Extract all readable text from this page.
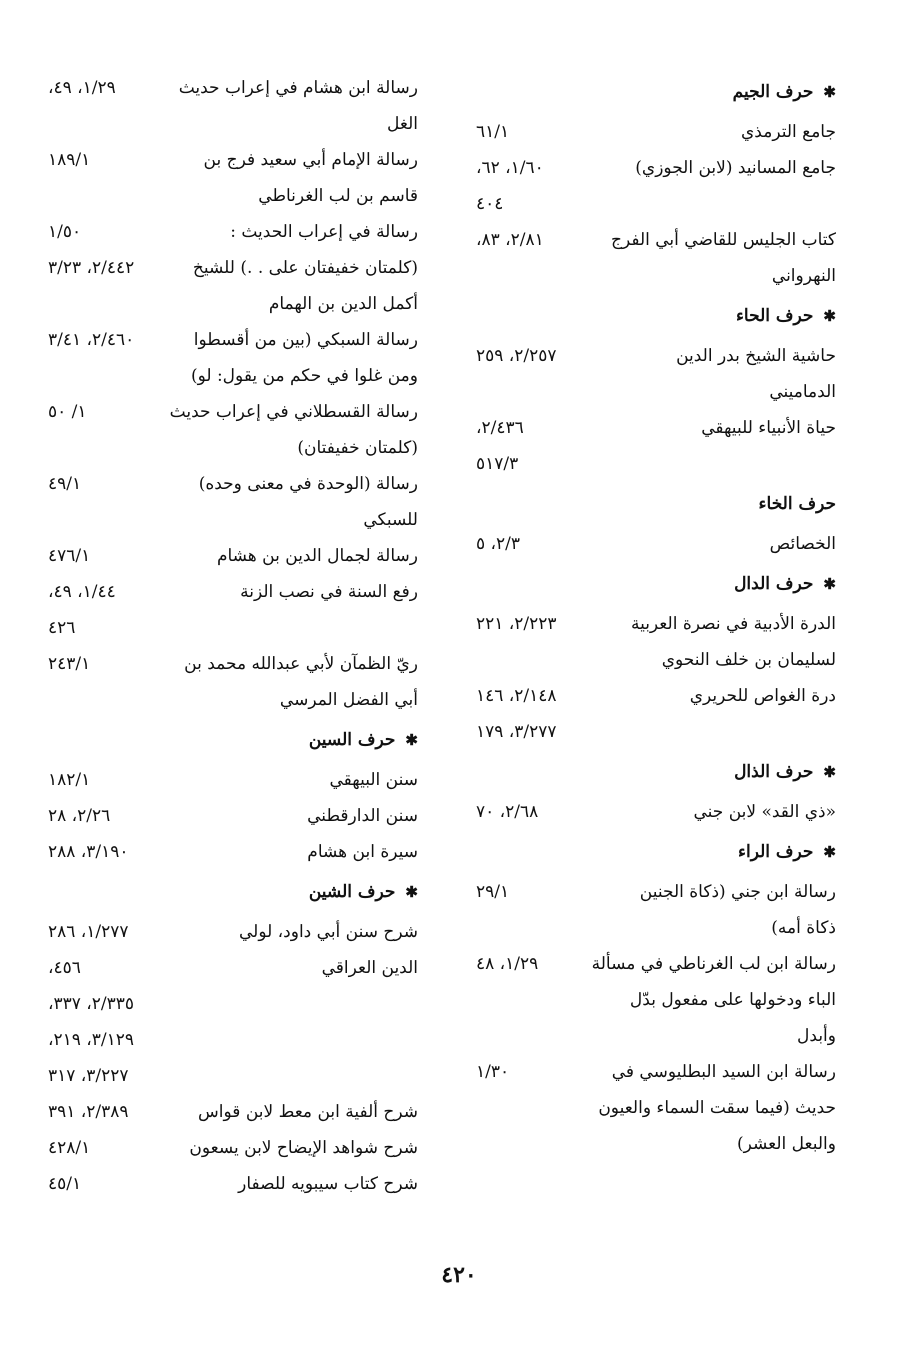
✱حرف الجيم
جامع الترمذي
٦١/١
جامع المسانيد (لابن الجوزي)
١/٦٠، ٦٢،
٤٠٤
كتاب الجليس للقاضي أبي الفرج
٢/٨١، ٨٣،
النهرواني
✱حرف الحاء
حاشية الشيخ بدر الدين
٢/٢٥٧، ٢٥٩
الدماميني
حياة الأنبياء للبيهقي
٢/٤٣٦،
٥١٧/٣
حرف الخاء
الخصائص
٢/٣، ٥
✱حرف الدال
الدرة الأدبية في نصرة العربية
٢/٢٢٣، ٢٢١
لسليمان بن خلف النحوي
درة الغواص للحريري
٢/١٤٨، ١٤٦
٣/٢٧٧، ١٧٩
✱حرف الذال
«ذي القد» لابن جني
٢/٦٨، ٧٠
✱حرف الراء
رسالة ابن جني (ذكاة الجنين
٢٩/١
ذكاة أمه)
رسالة ابن لب الغرناطي في مسألة
١/٢٩، ٤٨
الباء ودخولها على مفعول بدّل
وأبدل
رسالة ابن السيد البطليوسي في
١/٣٠
حديث (فيما سقت السماء والعيون
والبعل العشر)
رسالة ابن هشام في إعراب حديث
١/٢٩، ٤٩،
الغل
رسالة الإمام أبي سعيد فرج بن
١٨٩/١
قاسم بن لب الغرناطي
رسالة في إعراب الحديث :
١/٥٠
(كلمتان خفيفتان على . .) للشيخ
٢/٤٤٢، ٣/٢٣
أكمل الدين بن الهمام
رسالة السبكي (بين من أقسطوا
٢/٤٦٠، ٣/٤١
ومن غلوا في حكم من يقول: لو)
رسالة القسطلاني في إعراب حديث
١/ ٥٠
(كلمتان خفيفتان)
رسالة (الوحدة في معنى وحده)
٤٩/١
للسبكي
رسالة لجمال الدين بن هشام
٤٧٦/١
رفع السنة في نصب الزنة
١/٤٤، ٤٩،
٤٢٦
ريّ الظمآن لأبي عبدالله محمد بن
٢٤٣/١
أبي الفضل المرسي
✱حرف السين
سنن البيهقي
١٨٢/١
سنن الدارقطني
٢/٢٦، ٢٨
سيرة ابن هشام
٣/١٩٠، ٢٨٨
✱حرف الشين
شرح سنن أبي داود، لولي
١/٢٧٧، ٢٨٦
الدين العراقي
٤٥٦،
٢/٣٣٥، ٣٣٧،
٣/١٢٩، ٢١٩،
٣/٢٢٧، ٣١٧
شرح ألفية ابن معط لابن قواس
٢/٣٨٩، ٣٩١
شرح شواهد الإيضاح لابن يسعون
٤٢٨/١
شرح كتاب سيبويه للصفار
٤٥/١
٤٢٠
